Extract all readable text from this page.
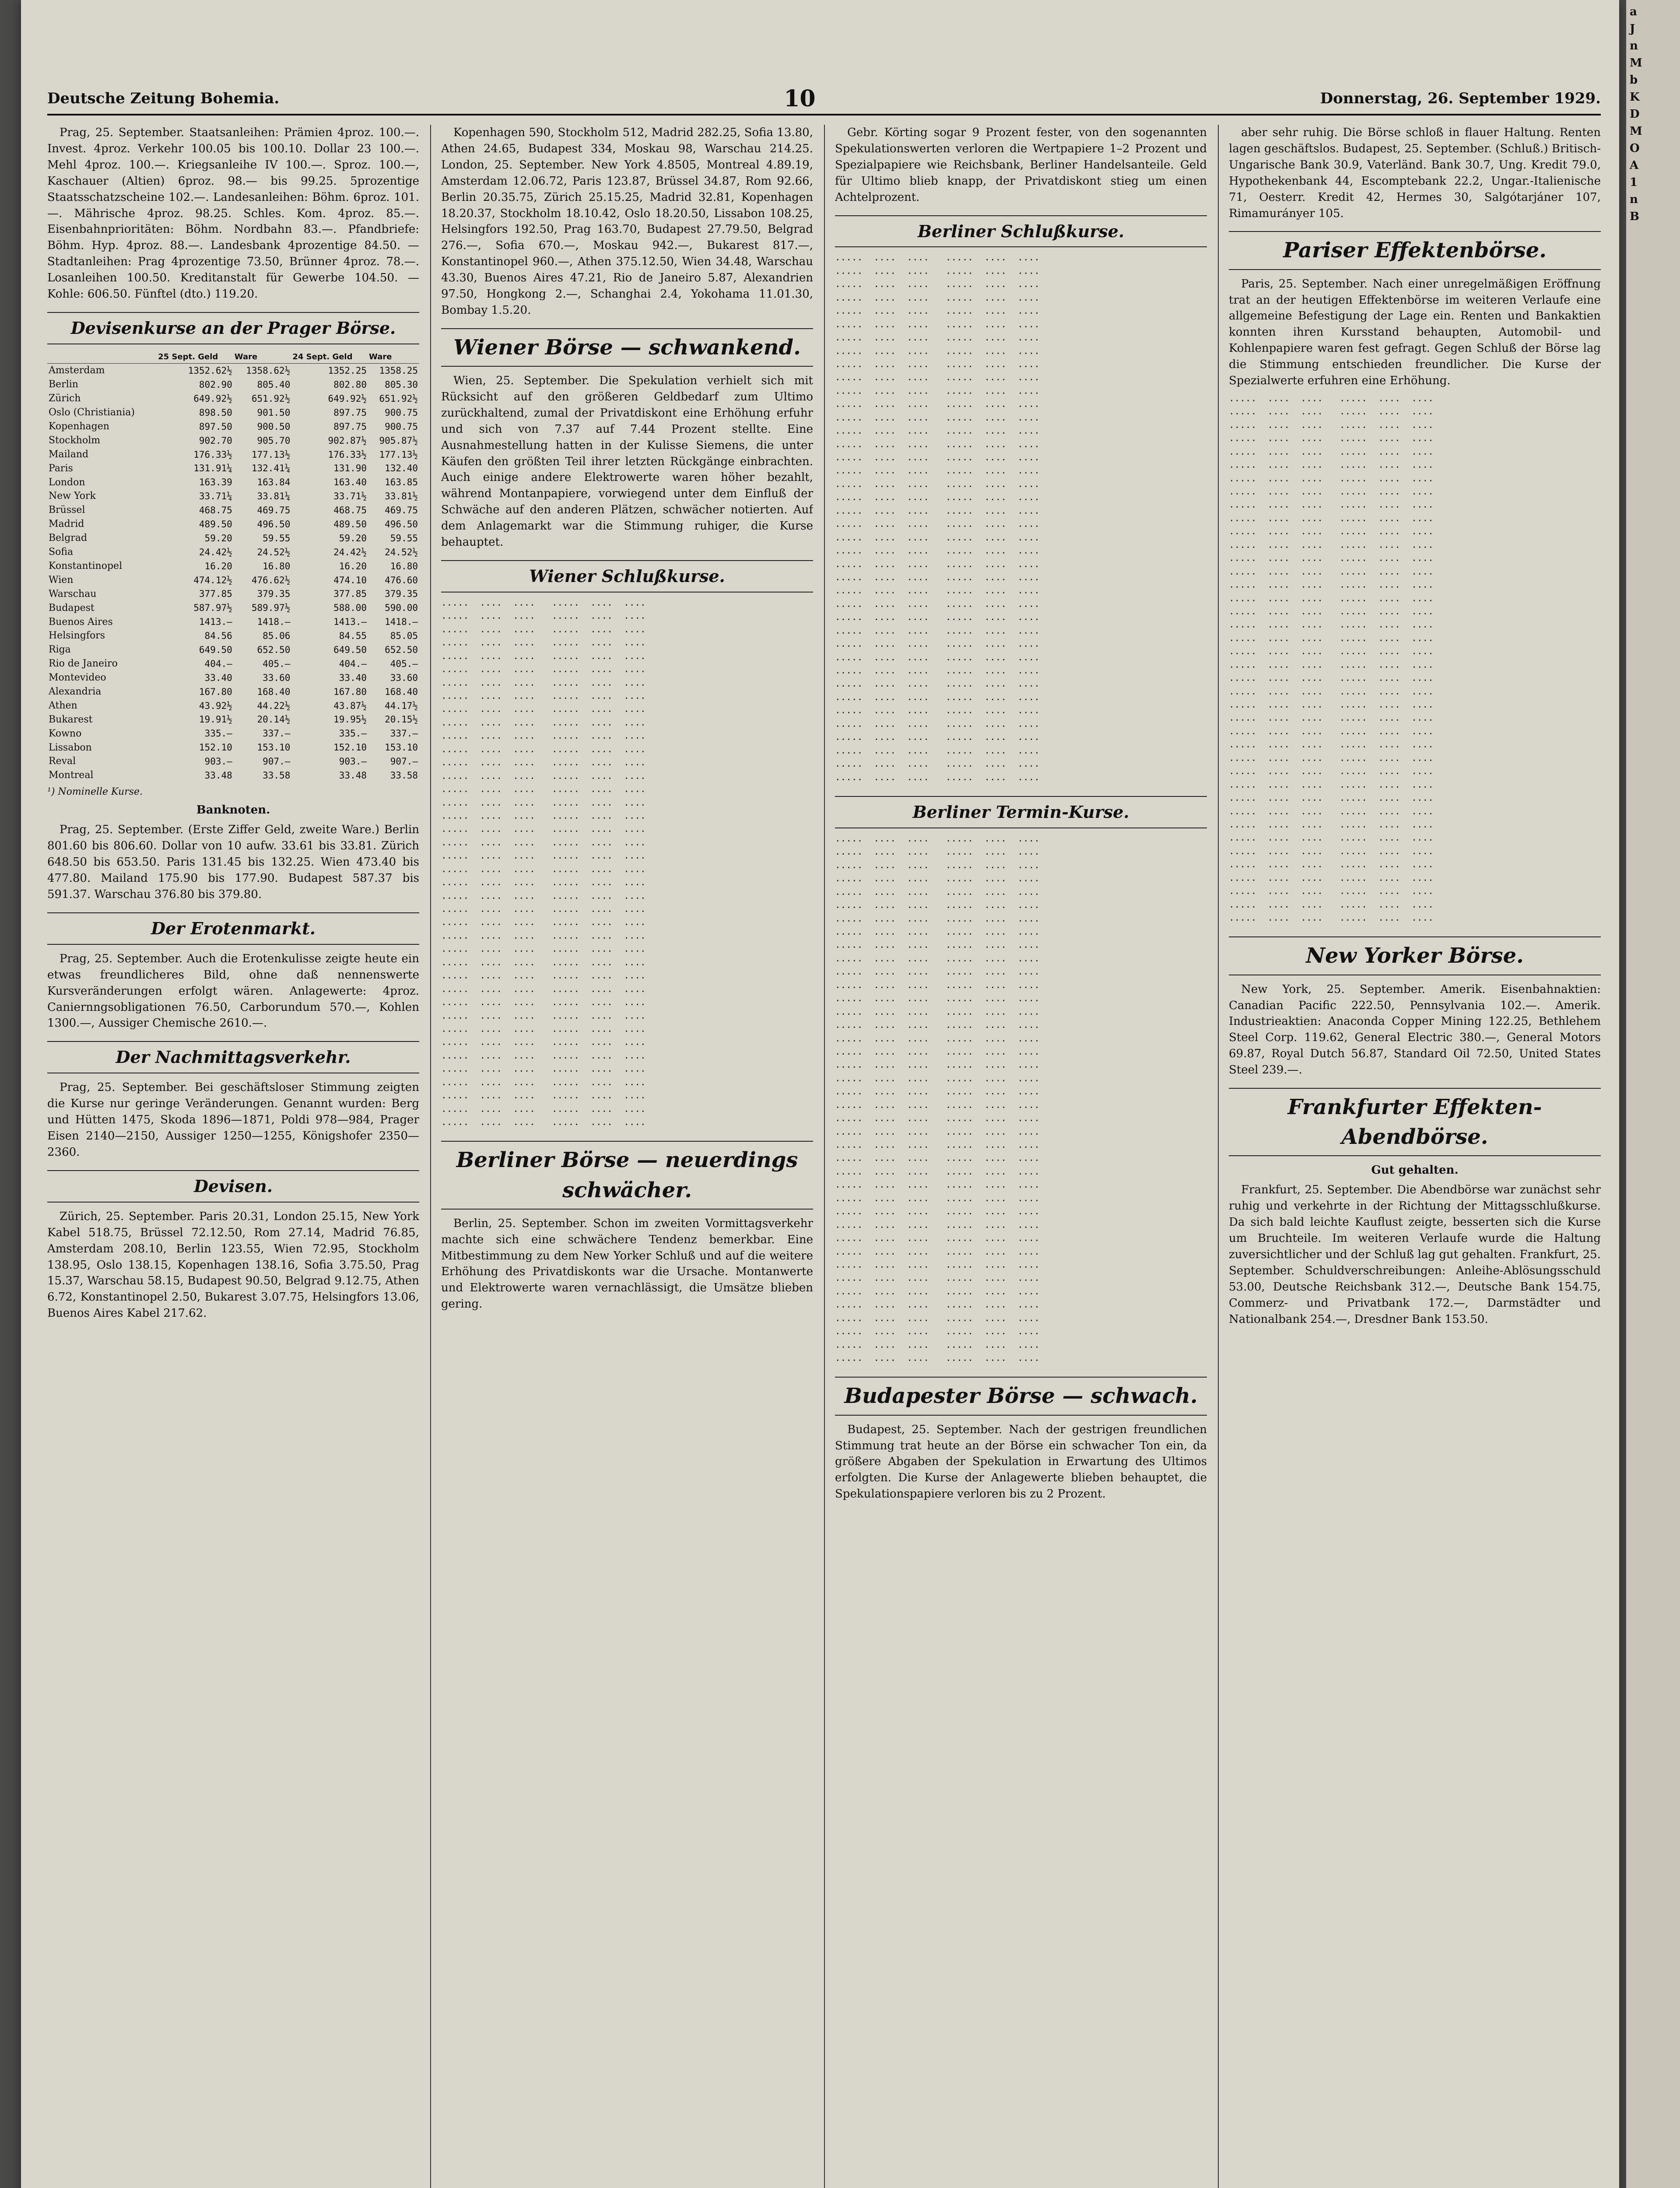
Deutsche Zeitung Bohemia.	10	Donnerstag, 26. September 1929.

Prag, 25. September. Staatsanleihen: Prämien 4proz. 100.—. Invest. 4proz. Verkehr 100.05 bis 100.10. Dollar 23 100.—. Mehl 4proz. 100.—. Kriegsanleihe IV 100.—. Sproz. 100.—, Kaschauer (Altien) 6proz. 98.— bis 99.25. 5prozentige Staatsschatzscheine 102.—. Landesanleihen: Böhm. 6proz. 101.—. Mährische 4proz. 98.25. Schles. Kom. 4proz. 85.—. Eisenbahnprioritäten: Böhm. Nordbahn 83.—. Pfandbriefe: Böhm. Hyp. 4proz. 88.—. Landesbank 4prozentige 84.50. — Stadtanleihen: Prag 4prozentige 73.50, Brünner 4proz. 78.—. Losanleihen 100.50. Kreditanstalt für Gewerbe 104.50. — Kohle: 606.50. Fünftel (dto.) 119.20.

Devisenkurse an der Prager Börse.
	25 Sept. Geld	Ware	24 Sept. Geld	Ware
Amsterdam	1352.62½	1358.62½	1352.25	1358.25
Berlin	802.90	805.40	802.80	805.30
Zürich	649.92½	651.92½	649.92½	651.92½
Oslo (Christiania)	898.50	901.50	897.75	900.75
Kopenhagen	897.50	900.50	897.75	900.75
Stockholm	902.70	905.70	902.87½	905.87½
Mailand	176.33½	177.13½	176.33½	177.13½
Paris	131.91¼	132.41¼	131.90	132.40
London	163.39	163.84	163.40	163.85
New York	33.71¼	33.81¼	33.71½	33.81½
Brüssel	468.75	469.75	468.75	469.75
Madrid	489.50	496.50	489.50	496.50
Belgrad	59.20	59.55	59.20	59.55
Sofia	24.42½	24.52½	24.42½	24.52½
Konstantinopel	16.20	16.80	16.20	16.80
Wien	474.12½	476.62½	474.10	476.60
Warschau	377.85	379.35	377.85	379.35
Budapest	587.97½	589.97½	588.00	590.00
Buenos Aires	1413.—	1418.—	1413.—	1418.—
Helsingfors	84.56	85.06	84.55	85.05
Riga	649.50	652.50	649.50	652.50
Rio de Janeiro	404.—	405.—	404.—	405.—
Montevideo	33.40	33.60	33.40	33.60
Alexandria	167.80	168.40	167.80	168.40
Athen	43.92½	44.22½	43.87½	44.17½
Bukarest	19.91½	20.14½	19.95½	20.15½
Kowno	335.—	337.—	335.—	337.—
Lissabon	152.10	153.10	152.10	153.10
Reval	903.—	907.—	903.—	907.—
Montreal	33.48	33.58	33.48	33.58
¹) Nominelle Kurse.
Banknoten.

Prag, 25. September. (Erste Ziffer Geld, zweite Ware.) Berlin 801.60 bis 806.60. Dollar von 10 aufw. 33.61 bis 33.81. Zürich 648.50 bis 653.50. Paris 131.45 bis 132.25. Wien 473.40 bis 477.80. Mailand 175.90 bis 177.90. Budapest 587.37 bis 591.37. Warschau 376.80 bis 379.80.

Der Erotenmarkt.

Prag, 25. September. Auch die Erotenkulisse zeigte heute ein etwas freundlicheres Bild, ohne daß nennenswerte Kursveränderungen erfolgt wären. Anlagewerte: 4proz. Caniernngsobligationen 76.50, Carborundum 570.—, Kohlen 1300.—, Aussiger Chemische 2610.—.

Der Nachmittagsverkehr.

Prag, 25. September. Bei geschäftsloser Stimmung zeigten die Kurse nur geringe Veränderungen. Genannt wurden: Berg und Hütten 1475, Skoda 1896—1871, Poldi 978—984, Prager Eisen 2140—2150, Aussiger 1250—1255, Königshofer 2350—2360.

Devisen.

Zürich, 25. September. Paris 20.31, London 25.15, New York Kabel 518.75, Brüssel 72.12.50, Rom 27.14, Madrid 76.85, Amsterdam 208.10, Berlin 123.55, Wien 72.95, Stockholm 138.95, Oslo 138.15, Kopenhagen 138.16, Sofia 3.75.50, Prag 15.37, Warschau 58.15, Budapest 90.50, Belgrad 9.12.75, Athen 6.72, Konstantinopel 2.50, Bukarest 3.07.75, Helsingfors 13.06, Buenos Aires Kabel 217.62.

Kopenhagen 590, Stockholm 512, Madrid 282.25, Sofia 13.80, Athen 24.65, Budapest 334, Moskau 98, Warschau 214.25. London, 25. September. New York 4.8505, Montreal 4.89.19, Amsterdam 12.06.72, Paris 123.87, Brüssel 34.87, Rom 92.66, Berlin 20.35.75, Zürich 25.15.25, Madrid 32.81, Kopenhagen 18.20.37, Stockholm 18.10.42, Oslo 18.20.50, Lissabon 108.25, Helsingfors 192.50, Prag 163.70, Budapest 27.79.50, Belgrad 276.—, Sofia 670.—, Moskau 942.—, Bukarest 817.—, Konstantinopel 960.—, Athen 375.12.50, Wien 34.48, Warschau 43.30, Buenos Aires 47.21, Rio de Janeiro 5.87, Alexandrien 97.50, Hongkong 2.—, Schanghai 2.4, Yokohama 11.01.30, Bombay 1.5.20.

Wiener Börse — schwankend.

Wien, 25. September. Die Spekulation verhielt sich mit Rücksicht auf den größeren Geldbedarf zum Ultimo zurückhaltend, zumal der Privatdiskont eine Erhöhung erfuhr und sich von 7.37 auf 7.44 Prozent stellte. Eine Ausnahmestellung hatten in der Kulisse Siemens, die unter Käufen den größten Teil ihrer letzten Rückgänge einbrachten. Auch einige andere Elektrowerte waren höher bezahlt, während Montanpapiere, vorwiegend unter dem Einfluß der Schwäche auf den anderen Plätzen, schwächer notierten. Auf dem Anlagemarkt war die Stimmung ruhiger, die Kurse behauptet.

Wiener Schlußkurse.
·····  ····  ····   ·····  ····  ····
·····  ····  ····   ·····  ····  ····
·····  ····  ····   ·····  ····  ····
·····  ····  ····   ·····  ····  ····
·····  ····  ····   ·····  ····  ····
·····  ····  ····   ·····  ····  ····
·····  ····  ····   ·····  ····  ····
·····  ····  ····   ·····  ····  ····
·····  ····  ····   ·····  ····  ····
·····  ····  ····   ·····  ····  ····
·····  ····  ····   ·····  ····  ····
·····  ····  ····   ·····  ····  ····
·····  ····  ····   ·····  ····  ····
·····  ····  ····   ·····  ····  ····
·····  ····  ····   ·····  ····  ····
·····  ····  ····   ·····  ····  ····
·····  ····  ····   ·····  ····  ····
·····  ····  ····   ·····  ····  ····
·····  ····  ····   ·····  ····  ····
·····  ····  ····   ·····  ····  ····
·····  ····  ····   ·····  ····  ····
·····  ····  ····   ·····  ····  ····
·····  ····  ····   ·····  ····  ····
·····  ····  ····   ·····  ····  ····
·····  ····  ····   ·····  ····  ····
·····  ····  ····   ·····  ····  ····
·····  ····  ····   ·····  ····  ····
·····  ····  ····   ·····  ····  ····
·····  ····  ····   ·····  ····  ····
·····  ····  ····   ·····  ····  ····
·····  ····  ····   ·····  ····  ····
·····  ····  ····   ·····  ····  ····
·····  ····  ····   ·····  ····  ····
·····  ····  ····   ·····  ····  ····
·····  ····  ····   ·····  ····  ····
·····  ····  ····   ·····  ····  ····
·····  ····  ····   ·····  ····  ····
·····  ····  ····   ·····  ····  ····
·····  ····  ····   ·····  ····  ····
·····  ····  ····   ·····  ····  ····

Berliner Börse — neuerdings schwächer.

Berlin, 25. September. Schon im zweiten Vormittagsverkehr machte sich eine schwächere Tendenz bemerkbar. Eine Mitbestimmung zu dem New Yorker Schluß und auf die weitere Erhöhung des Privatdiskonts war die Ursache. Montanwerte und Elektrowerte waren vernachlässigt, die Umsätze blieben gering.

Gebr. Körting sogar 9 Prozent fester, von den sogenannten Spekulationswerten verloren die Wertpapiere 1–2 Prozent und Spezialpapiere wie Reichsbank, Berliner Handelsanteile. Geld für Ultimo blieb knapp, der Privatdiskont stieg um einen Achtelprozent.

Berliner Schlußkurse.
·····  ····  ····   ·····  ····  ····
·····  ····  ····   ·····  ····  ····
·····  ····  ····   ·····  ····  ····
·····  ····  ····   ·····  ····  ····
·····  ····  ····   ·····  ····  ····
·····  ····  ····   ·····  ····  ····
·····  ····  ····   ·····  ····  ····
·····  ····  ····   ·····  ····  ····
·····  ····  ····   ·····  ····  ····
·····  ····  ····   ·····  ····  ····
·····  ····  ····   ·····  ····  ····
·····  ····  ····   ·····  ····  ····
·····  ····  ····   ·····  ····  ····
·····  ····  ····   ·····  ····  ····
·····  ····  ····   ·····  ····  ····
·····  ····  ····   ·····  ····  ····
·····  ····  ····   ·····  ····  ····
·····  ····  ····   ·····  ····  ····
·····  ····  ····   ·····  ····  ····
·····  ····  ····   ·····  ····  ····
·····  ····  ····   ·····  ····  ····
·····  ····  ····   ·····  ····  ····
·····  ····  ····   ·····  ····  ····
·····  ····  ····   ·····  ····  ····
·····  ····  ····   ·····  ····  ····
·····  ····  ····   ·····  ····  ····
·····  ····  ····   ·····  ····  ····
·····  ····  ····   ·····  ····  ····
·····  ····  ····   ·····  ····  ····
·····  ····  ····   ·····  ····  ····
·····  ····  ····   ·····  ····  ····
·····  ····  ····   ·····  ····  ····
·····  ····  ····   ·····  ····  ····
·····  ····  ····   ·····  ····  ····
·····  ····  ····   ·····  ····  ····
·····  ····  ····   ·····  ····  ····
·····  ····  ····   ·····  ····  ····
·····  ····  ····   ·····  ····  ····
·····  ····  ····   ·····  ····  ····
·····  ····  ····   ·····  ····  ····

Berliner Termin-Kurse.
·····  ····  ····   ·····  ····  ····
·····  ····  ····   ·····  ····  ····
·····  ····  ····   ·····  ····  ····
·····  ····  ····   ·····  ····  ····
·····  ····  ····   ·····  ····  ····
·····  ····  ····   ·····  ····  ····
·····  ····  ····   ·····  ····  ····
·····  ····  ····   ·····  ····  ····
·····  ····  ····   ·····  ····  ····
·····  ····  ····   ·····  ····  ····
·····  ····  ····   ·····  ····  ····
·····  ····  ····   ·····  ····  ····
·····  ····  ····   ·····  ····  ····
·····  ····  ····   ·····  ····  ····
·····  ····  ····   ·····  ····  ····
·····  ····  ····   ·····  ····  ····
·····  ····  ····   ·····  ····  ····
·····  ····  ····   ·····  ····  ····
·····  ····  ····   ·····  ····  ····
·····  ····  ····   ·····  ····  ····
·····  ····  ····   ·····  ····  ····
·····  ····  ····   ·····  ····  ····
·····  ····  ····   ·····  ····  ····
·····  ····  ····   ·····  ····  ····
·····  ····  ····   ·····  ····  ····
·····  ····  ····   ·····  ····  ····
·····  ····  ····   ·····  ····  ····
·····  ····  ····   ·····  ····  ····
·····  ····  ····   ·····  ····  ····
·····  ····  ····   ·····  ····  ····
·····  ····  ····   ·····  ····  ····
·····  ····  ····   ·····  ····  ····
·····  ····  ····   ·····  ····  ····
·····  ····  ····   ·····  ····  ····
·····  ····  ····   ·····  ····  ····
·····  ····  ····   ·····  ····  ····
·····  ····  ····   ·····  ····  ····
·····  ····  ····   ·····  ····  ····
·····  ····  ····   ·····  ····  ····
·····  ····  ····   ·····  ····  ····

Budapester Börse — schwach.

Budapest, 25. September. Nach der gestrigen freundlichen Stimmung trat heute an der Börse ein schwacher Ton ein, da größere Abgaben der Spekulation in Erwartung des Ultimos erfolgten. Die Kurse der Anlagewerte blieben behauptet, die Spekulationspapiere verloren bis zu 2 Prozent.

aber sehr ruhig. Die Börse schloß in flauer Haltung. Renten lagen geschäftslos. Budapest, 25. September. (Schluß.) Britisch-Ungarische Bank 30.9, Vaterländ. Bank 30.7, Ung. Kredit 79.0, Hypothekenbank 44, Escomptebank 22.2, Ungar.-Italienische 71, Oesterr. Kredit 42, Hermes 30, Salgótarjáner 107, Rimamurányer 105.

Pariser Effektenbörse.

Paris, 25. September. Nach einer unregelmäßigen Eröffnung trat an der heutigen Effektenbörse im weiteren Verlaufe eine allgemeine Befestigung der Lage ein. Renten und Bankaktien konnten ihren Kursstand behaupten, Automobil- und Kohlenpapiere waren fest gefragt. Gegen Schluß der Börse lag die Stimmung entschieden freundlicher. Die Kurse der Spezialwerte erfuhren eine Erhöhung.

·····  ····  ····   ·····  ····  ····
·····  ····  ····   ·····  ····  ····
·····  ····  ····   ·····  ····  ····
·····  ····  ····   ·····  ····  ····
·····  ····  ····   ·····  ····  ····
·····  ····  ····   ·····  ····  ····
·····  ····  ····   ·····  ····  ····
·····  ····  ····   ·····  ····  ····
·····  ····  ····   ·····  ····  ····
·····  ····  ····   ·····  ····  ····
·····  ····  ····   ·····  ····  ····
·····  ····  ····   ·····  ····  ····
·····  ····  ····   ·····  ····  ····
·····  ····  ····   ·····  ····  ····
·····  ····  ····   ·····  ····  ····
·····  ····  ····   ·····  ····  ····
·····  ····  ····   ·····  ····  ····
·····  ····  ····   ·····  ····  ····
·····  ····  ····   ·····  ····  ····
·····  ····  ····   ·····  ····  ····
·····  ····  ····   ·····  ····  ····
·····  ····  ····   ·····  ····  ····
·····  ····  ····   ·····  ····  ····
·····  ····  ····   ·····  ····  ····
·····  ····  ····   ·····  ····  ····
·····  ····  ····   ·····  ····  ····
·····  ····  ····   ·····  ····  ····
·····  ····  ····   ·····  ····  ····
·····  ····  ····   ·····  ····  ····
·····  ····  ····   ·····  ····  ····
·····  ····  ····   ·····  ····  ····
·····  ····  ····   ·····  ····  ····
·····  ····  ····   ·····  ····  ····
·····  ····  ····   ·····  ····  ····
·····  ····  ····   ·····  ····  ····
·····  ····  ····   ·····  ····  ····
·····  ····  ····   ·····  ····  ····
·····  ····  ····   ·····  ····  ····
·····  ····  ····   ·····  ····  ····
·····  ····  ····   ·····  ····  ····

New Yorker Börse.

New York, 25. September. Amerik. Eisenbahnaktien: Canadian Pacific 222.50, Pennsylvania 102.—. Amerik. Industrieaktien: Anaconda Copper Mining 122.25, Bethlehem Steel Corp. 119.62, General Electric 380.—, General Motors 69.87, Royal Dutch 56.87, Standard Oil 72.50, United States Steel 239.—.

Frankfurter Effekten-Abendbörse.
Gut gehalten.

Frankfurt, 25. September. Die Abendbörse war zunächst sehr ruhig und verkehrte in der Richtung der Mittagsschlußkurse. Da sich bald leichte Kauflust zeigte, besserten sich die Kurse um Bruchteile. Im weiteren Verlaufe wurde die Haltung zuversichtlicher und der Schluß lag gut gehalten. Frankfurt, 25. September. Schuldverschreibungen: Anleihe-Ablösungsschuld 53.00, Deutsche Reichsbank 312.—, Deutsche Bank 154.75, Commerz- und Privatbank 172.—, Darmstädter und Nationalbank 254.—, Dresdner Bank 153.50.

a
J
n
M
b
K
D
M
O
A
1
n
B
